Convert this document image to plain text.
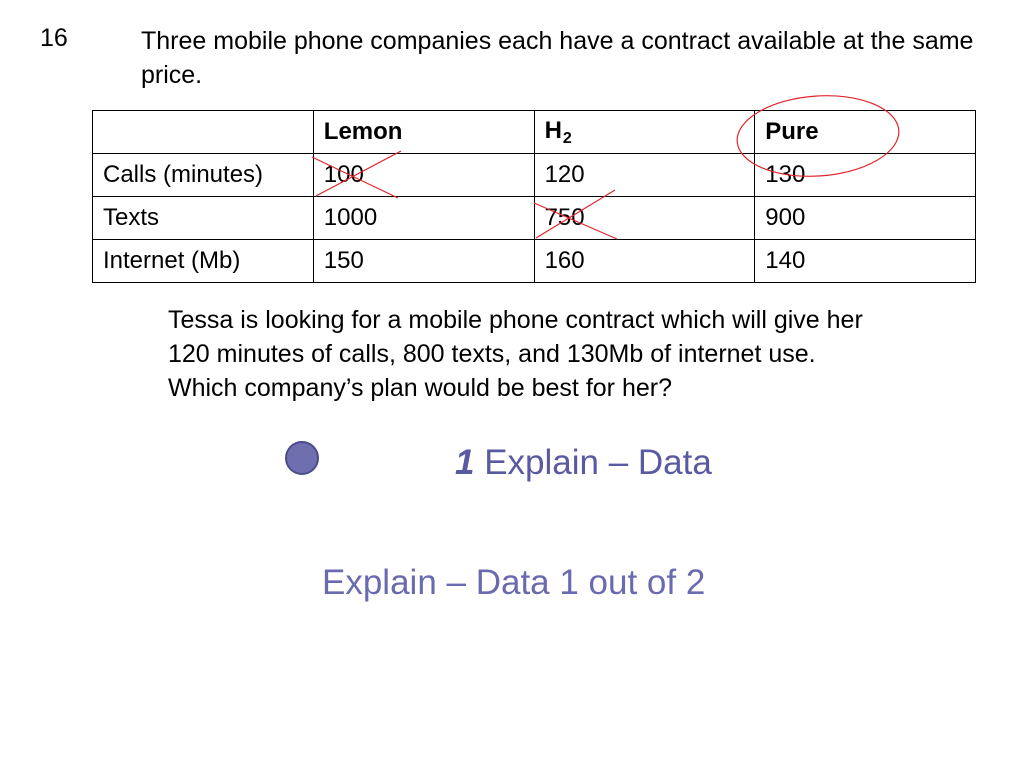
16	Three mobile phone companies each have a contract available at the same price.
	Lemon	$H_2$	Pure
Calls (minutes)	100	120	130
Texts	1000	750	900
Internet (Mb)	150	160	140
Tessa is looking for a mobile phone contract which will give her
120 minutes of calls, 800 texts, and 130Mb of internet use.
Which company’s plan would be best for her?
1 Explain – Data
Explain – Data 1 out of 2
